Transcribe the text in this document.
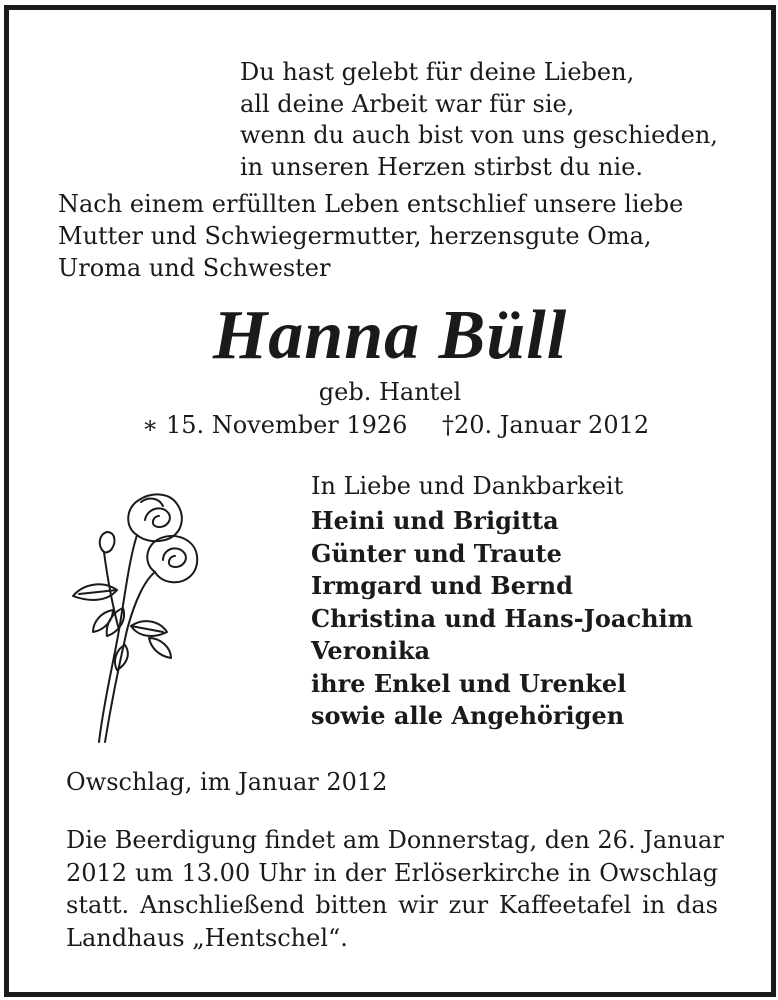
Du hast gelebt für deine Lieben,
all deine Arbeit war für sie,
wenn du auch bist von uns geschieden,
in unseren Herzen stirbst du nie.
Nach einem erfüllten Leben entschlief unsere liebe
Mutter und Schwiegermutter, herzensgute Oma,
Uroma und Schwester
Hanna Büll
geb. Hantel
∗ 15. November 1926 †20. Januar 2012
In Liebe und Dankbarkeit
Heini und Brigitta
Günter und Traute
Irmgard und Bernd
Christina und Hans-Joachim
Veronika
ihre Enkel und Urenkel
sowie alle Angehörigen
Owschlag, im Januar 2012
Die Beerdigung findet am Donnerstag, den 26. Januar
2012 um 13.00 Uhr in der Erlöserkirche in Owschlag
statt. Anschließend bitten wir zur Kaffeetafel in das
Landhaus „Hentschel“.
